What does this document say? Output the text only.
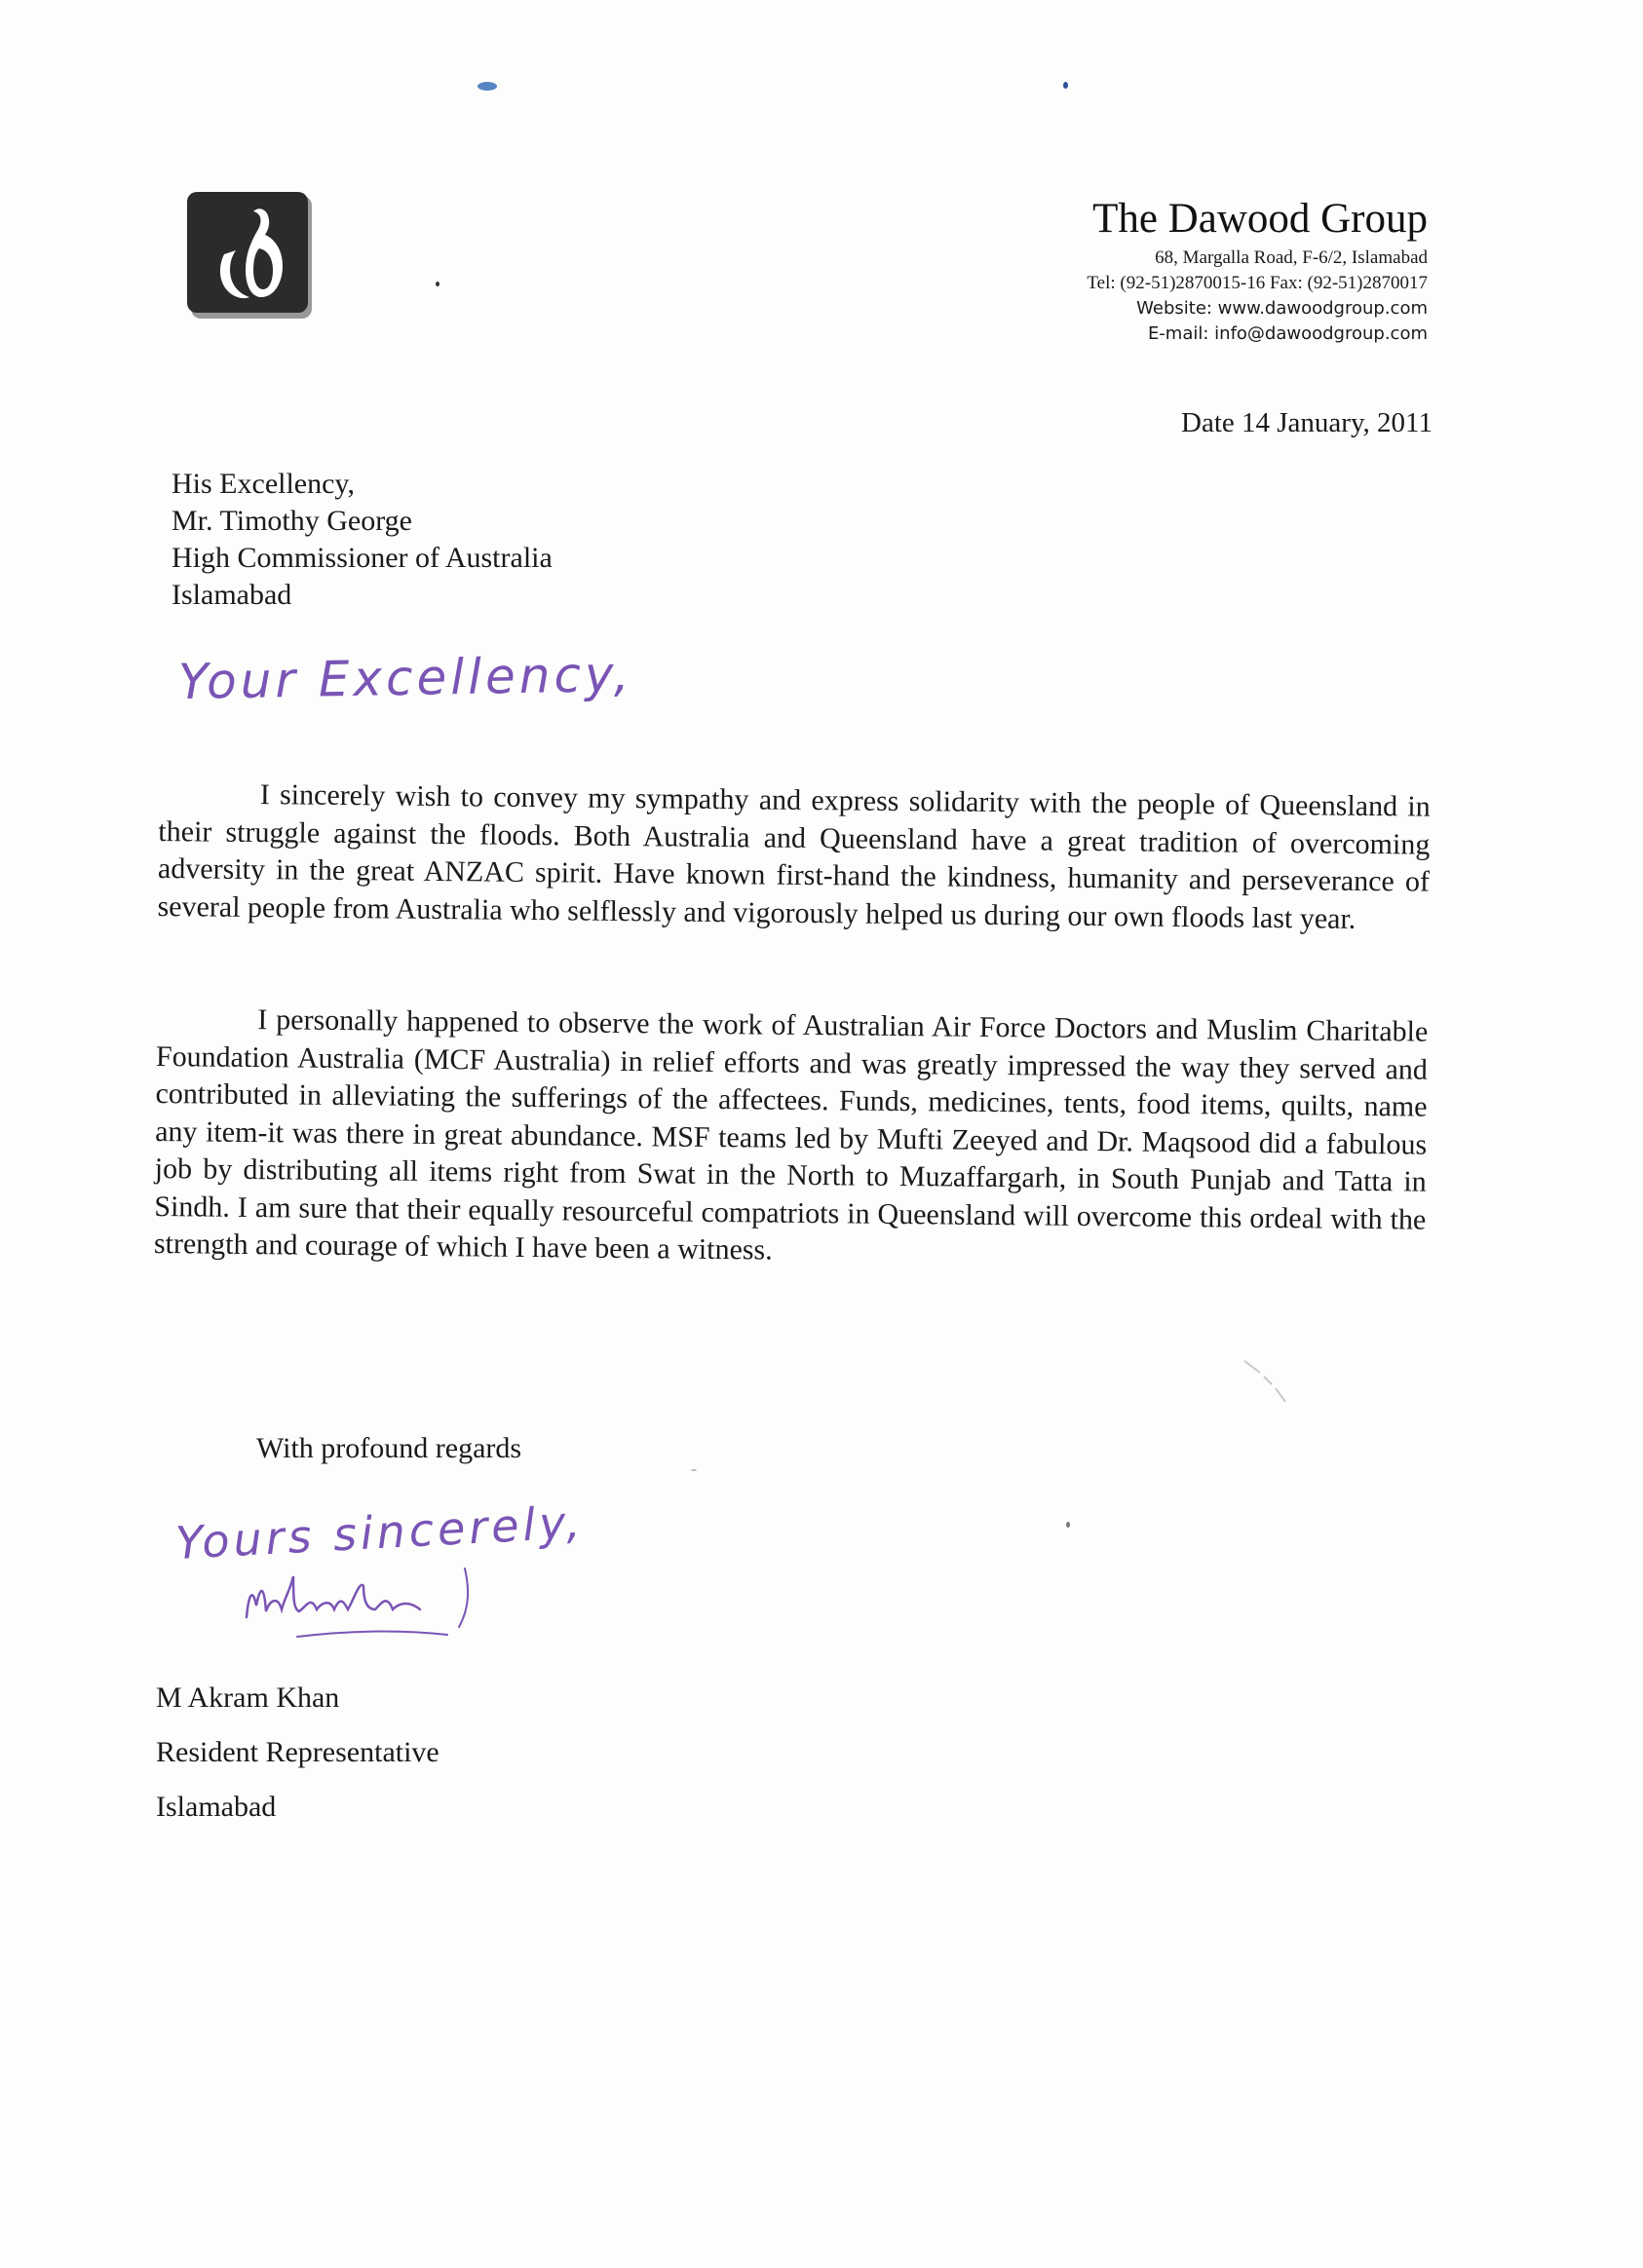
The Dawood Group
68, Margalla Road, F-6/2, Islamabad
Tel: (92-51)2870015-16 Fax: (92-51)2870017
Website: www.dawoodgroup.com
E-mail: info@dawoodgroup.com
Date 14 January, 2011
His Excellency,
Mr. Timothy George
High Commissioner of Australia
Islamabad
Your Excellency,

I sincerely wish to convey my sympathy and express solidarity with the people of Queensland in their struggle against the floods. Both Australia and Queensland have a great tradition of overcoming adversity in the great ANZAC spirit. Have known first-hand the kindness, humanity and perseverance of several people from Australia who selflessly and vigorously helped us during our own floods last year.

I personally happened to observe the work of Australian Air Force Doctors and Muslim Charitable Foundation Australia (MCF Australia) in relief efforts and was greatly impressed the way they served and contributed in alleviating the sufferings of the affectees. Funds, medicines, tents, food items, quilts, name any item-it was there in great abundance. MSF teams led by Mufti Zeeyed and Dr. Maqsood did a fabulous job by distributing all items right from Swat in the North to Muzaffargarh, in South Punjab and Tatta in Sindh. I am sure that their equally resourceful compatriots in Queensland will overcome this ordeal with the strength and courage of which I have been a witness.

With profound regards
Yours sincerely,
M Akram Khan
Resident Representative
Islamabad
